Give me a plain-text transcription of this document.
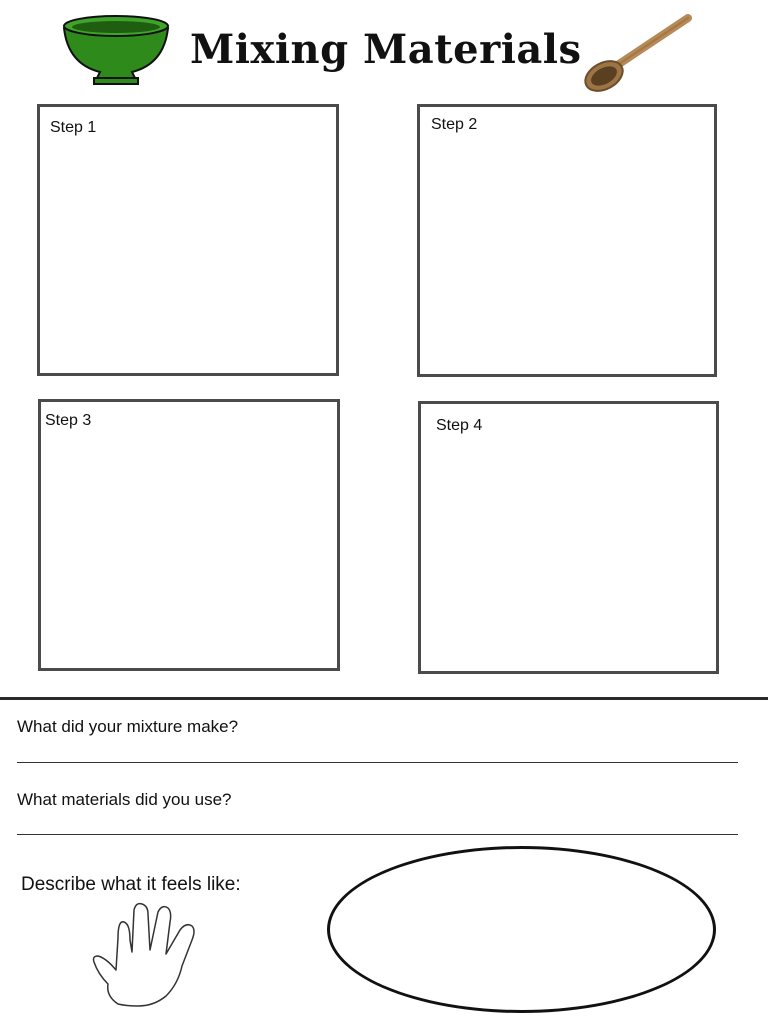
Mixing Materials
Step 1	Step 2
Step 3	Step 4
What did your mixture make?
What materials did you use?
Describe what it feels like:
